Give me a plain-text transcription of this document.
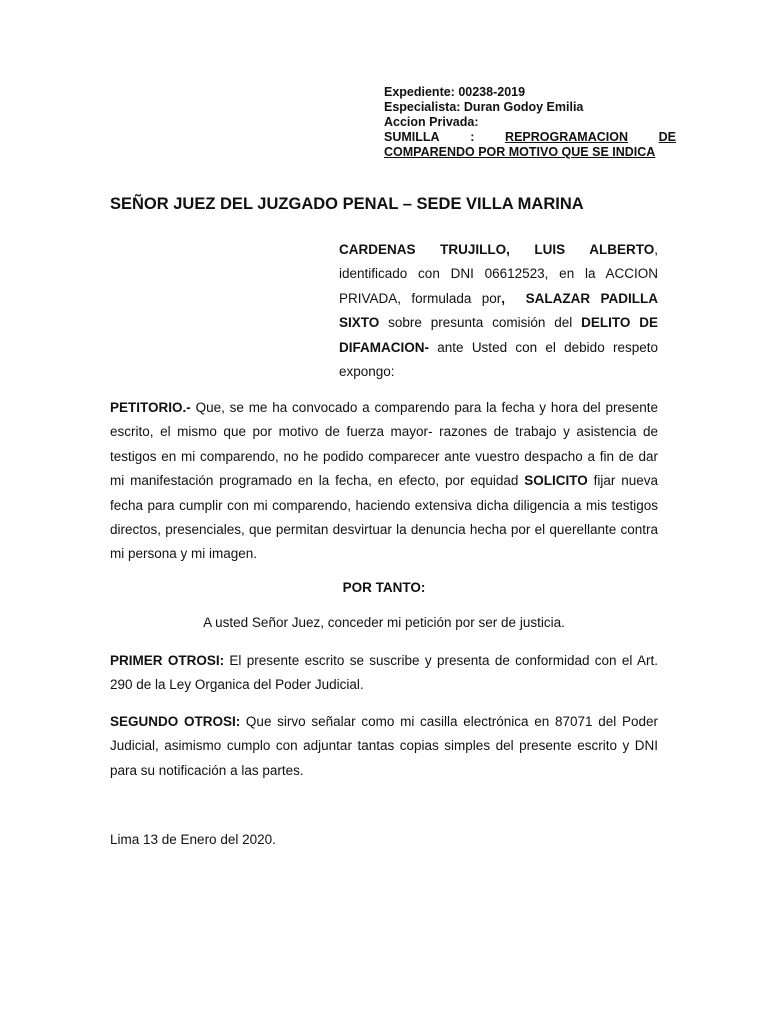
Expediente: 00238-2019
Especialista: Duran Godoy Emilia
Accion Privada:
SUMILLA : REPROGRAMACION DE
COMPARENDO POR MOTIVO QUE SE INDICA
SEÑOR JUEZ DEL JUZGADO PENAL – SEDE VILLA MARINA
CARDENAS TRUJILLO, LUIS ALBERTO, identificado con DNI 06612523, en la ACCION PRIVADA, formulada por, SALAZAR PADILLA SIXTO sobre presunta comisión del DELITO DE DIFAMACION- ante Usted con el debido respeto expongo:
PETITORIO.- Que, se me ha convocado a comparendo para la fecha y hora del presente escrito, el mismo que por motivo de fuerza mayor- razones de trabajo y asistencia de testigos en mi comparendo, no he podido comparecer ante vuestro despacho a fin de dar mi manifestación programado en la fecha, en efecto, por equidad SOLICITO fijar nueva fecha para cumplir con mi comparendo, haciendo extensiva dicha diligencia a mis testigos directos, presenciales, que permitan desvirtuar la denuncia hecha por el querellante contra mi persona y mi imagen.
POR TANTO:
A usted Señor Juez, conceder mi petición por ser de justicia.
PRIMER OTROSI: El presente escrito se suscribe y presenta de conformidad con el Art. 290 de la Ley Organica del Poder Judicial.
SEGUNDO OTROSI: Que sirvo señalar como mi casilla electrónica en 87071 del Poder Judicial, asimismo cumplo con adjuntar tantas copias simples del presente escrito y DNI para su notificación a las partes.
Lima 13 de Enero del 2020.
